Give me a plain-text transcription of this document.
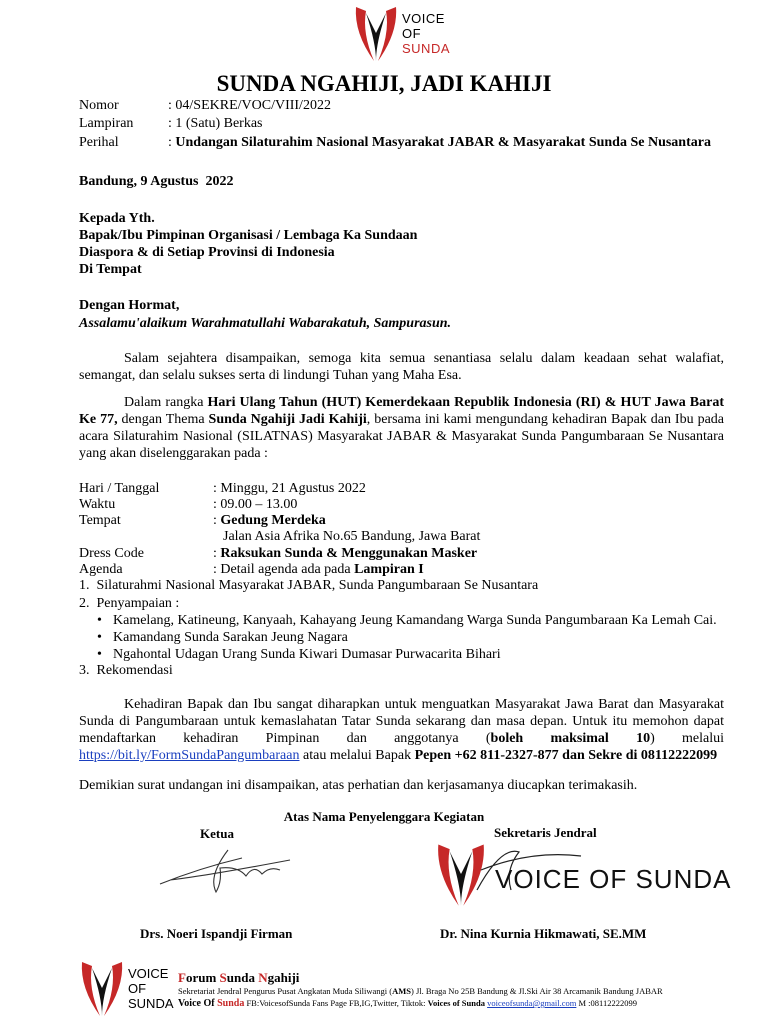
VOICE
OF
SUNDA
SUNDA NGAHIJI, JADI KAHIJI
Nomor	: 04/SEKRE/VOC/VIII/2022
Lampiran : 1 (Satu) Berkas
Perihal	: Undangan Silaturahim Nasional Masyarakat JABAR & Masyarakat Sunda Se Nusantara
Bandung, 9 Agustus  2022
Kepada Yth.
Bapak/Ibu Pimpinan Organisasi / Lembaga Ka Sundaan
Diaspora & di Setiap Provinsi di Indonesia
Di Tempat
Dengan Hormat,
Assalamu'alaikum Warahmatullahi Wabarakatuh, Sampurasun.
Salam sejahtera disampaikan, semoga kita semua senantiasa selalu dalam keadaan sehat walafiat, semangat, dan selalu sukses serta di lindungi Tuhan yang Maha Esa.
Dalam rangka Hari Ulang Tahun (HUT) Kemerdekaan Republik Indonesia (RI) & HUT Jawa Barat Ke 77, dengan Thema Sunda Ngahiji Jadi Kahiji, bersama ini kami mengundang kehadiran Bapak dan Ibu pada acara Silaturahim Nasional (SILATNAS) Masyarakat JABAR & Masyarakat Sunda Pangumbaraan Se Nusantara yang akan diselenggarakan pada :
Hari / Tanggal	: Minggu, 21 Agustus 2022
Waktu	: 09.00 – 13.00
Tempat	: Gedung Merdeka
Jalan Asia Afrika No.65 Bandung, Jawa Barat
Dress Code	: Raksukan Sunda & Menggunakan Masker
Agenda	: Detail agenda ada pada Lampiran I
1.  Silaturahmi Nasional Masyarakat JABAR, Sunda Pangumbaraan Se Nusantara
2.  Penyampaian :
• Kamelang, Katineung, Kanyaah, Kahayang Jeung Kamandang Warga Sunda Pangumbaraan Ka Lemah Cai.
• Kamandang Sunda Sarakan Jeung Nagara
• Ngahontal Udagan Urang Sunda Kiwari Dumasar Purwacarita Bihari
3.  Rekomendasi
Kehadiran Bapak dan Ibu sangat diharapkan untuk menguatkan Masyarakat Jawa Barat dan Masyarakat Sunda di Pangumbaraan untuk kemaslahatan Tatar Sunda sekarang dan masa depan. Untuk itu memohon dapat mendaftarkan kehadiran Pimpinan dan anggotanya (boleh maksimal 10) melalui https://bit.ly/FormSundaPangumbaraan atau melalui Bapak Pepen +62 811-2327-877 dan Sekre di 08112222099
Demikian surat undangan ini disampaikan, atas perhatian dan kerjasamanya diucapkan terimakasih.
Atas Nama Penyelenggara Kegiatan
Ketua	Sekretaris Jendral
VOICE OF SUNDA
Drs. Noeri Ispandji Firman	Dr. Nina Kurnia Hikmawati, SE.MM
VOICE
OF
SUNDA
Forum Sunda Ngahiji
Sekretariat Jendral Pengurus Pusat Angkatan Muda Siliwangi (AMS) Jl. Braga No 25B Bandung & Jl.Ski Air 38 Arcamanik Bandung JABAR
Voice Of Sunda FB:VoicesofSunda Fans Page FB,IG,Twitter, Tiktok: Voices of Sunda voiceofsunda@gmail.com M :08112222099
